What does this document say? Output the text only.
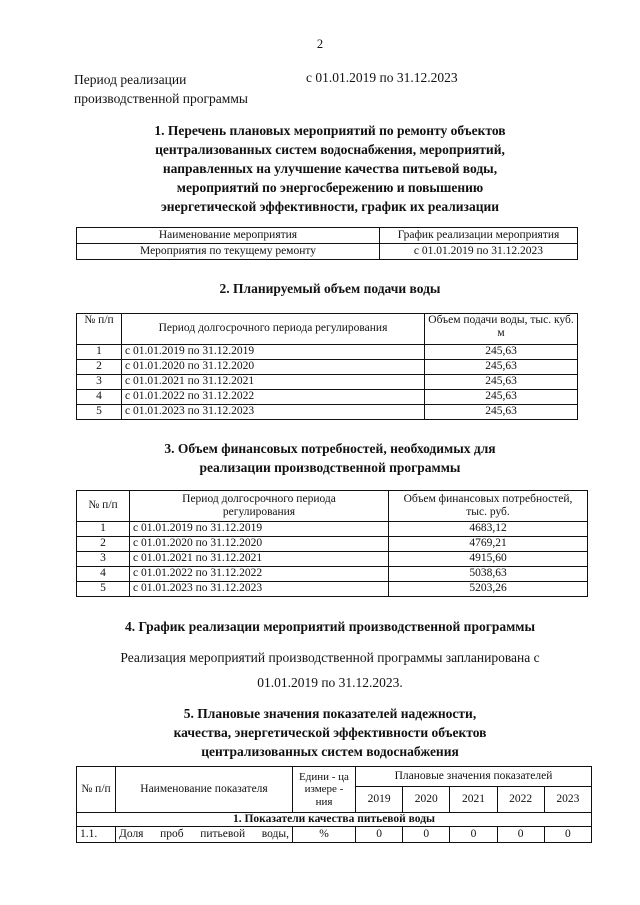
2
Период реализации
производственной программы
с 01.01.2019 по 31.12.2023
1. Перечень плановых мероприятий по ремонту объектов
централизованных систем водоснабжения, мероприятий,
направленных на улучшение качества питьевой воды,
мероприятий по энергосбережению и повышению
энергетической эффективности, график их реализации
Наименование мероприятия	График реализации мероприятия
Мероприятия по текущему ремонту	с 01.01.2019 по 31.12.2023
2. Планируемый объем подачи воды
№ п/п	Период долгосрочного периода регулирования	Объем подачи воды, тыс. куб. м
1	с 01.01.2019 по 31.12.2019	245,63
2	с 01.01.2020 по 31.12.2020	245,63
3	с 01.01.2021 по 31.12.2021	245,63
4	с 01.01.2022 по 31.12.2022	245,63
5	с 01.01.2023 по 31.12.2023	245,63
3. Объем финансовых потребностей, необходимых для
реализации производственной программы
№ п/п	Период долгосрочного периода регулирования	Объем финансовых потребностей, тыс. руб.
1	с 01.01.2019 по 31.12.2019	4683,12
2	с 01.01.2020 по 31.12.2020	4769,21
3	с 01.01.2021 по 31.12.2021	4915,60
4	с 01.01.2022 по 31.12.2022	5038,63
5	с 01.01.2023 по 31.12.2023	5203,26
4. График реализации мероприятий производственной программы
Реализация мероприятий производственной программы запланирована с
01.01.2019 по 31.12.2023.
5. Плановые значения показателей надежности,
качества, энергетической эффективности объектов
централизованных систем водоснабжения
№ п/п	Наименование показателя	Едини - ца измере - ния	Плановые значения показателей				
			2019	2020	2021	2022	2023
1. Показатели качества питьевой воды							
1.1.	Доля проб питьевой воды,	%	0	0	0	0	0
